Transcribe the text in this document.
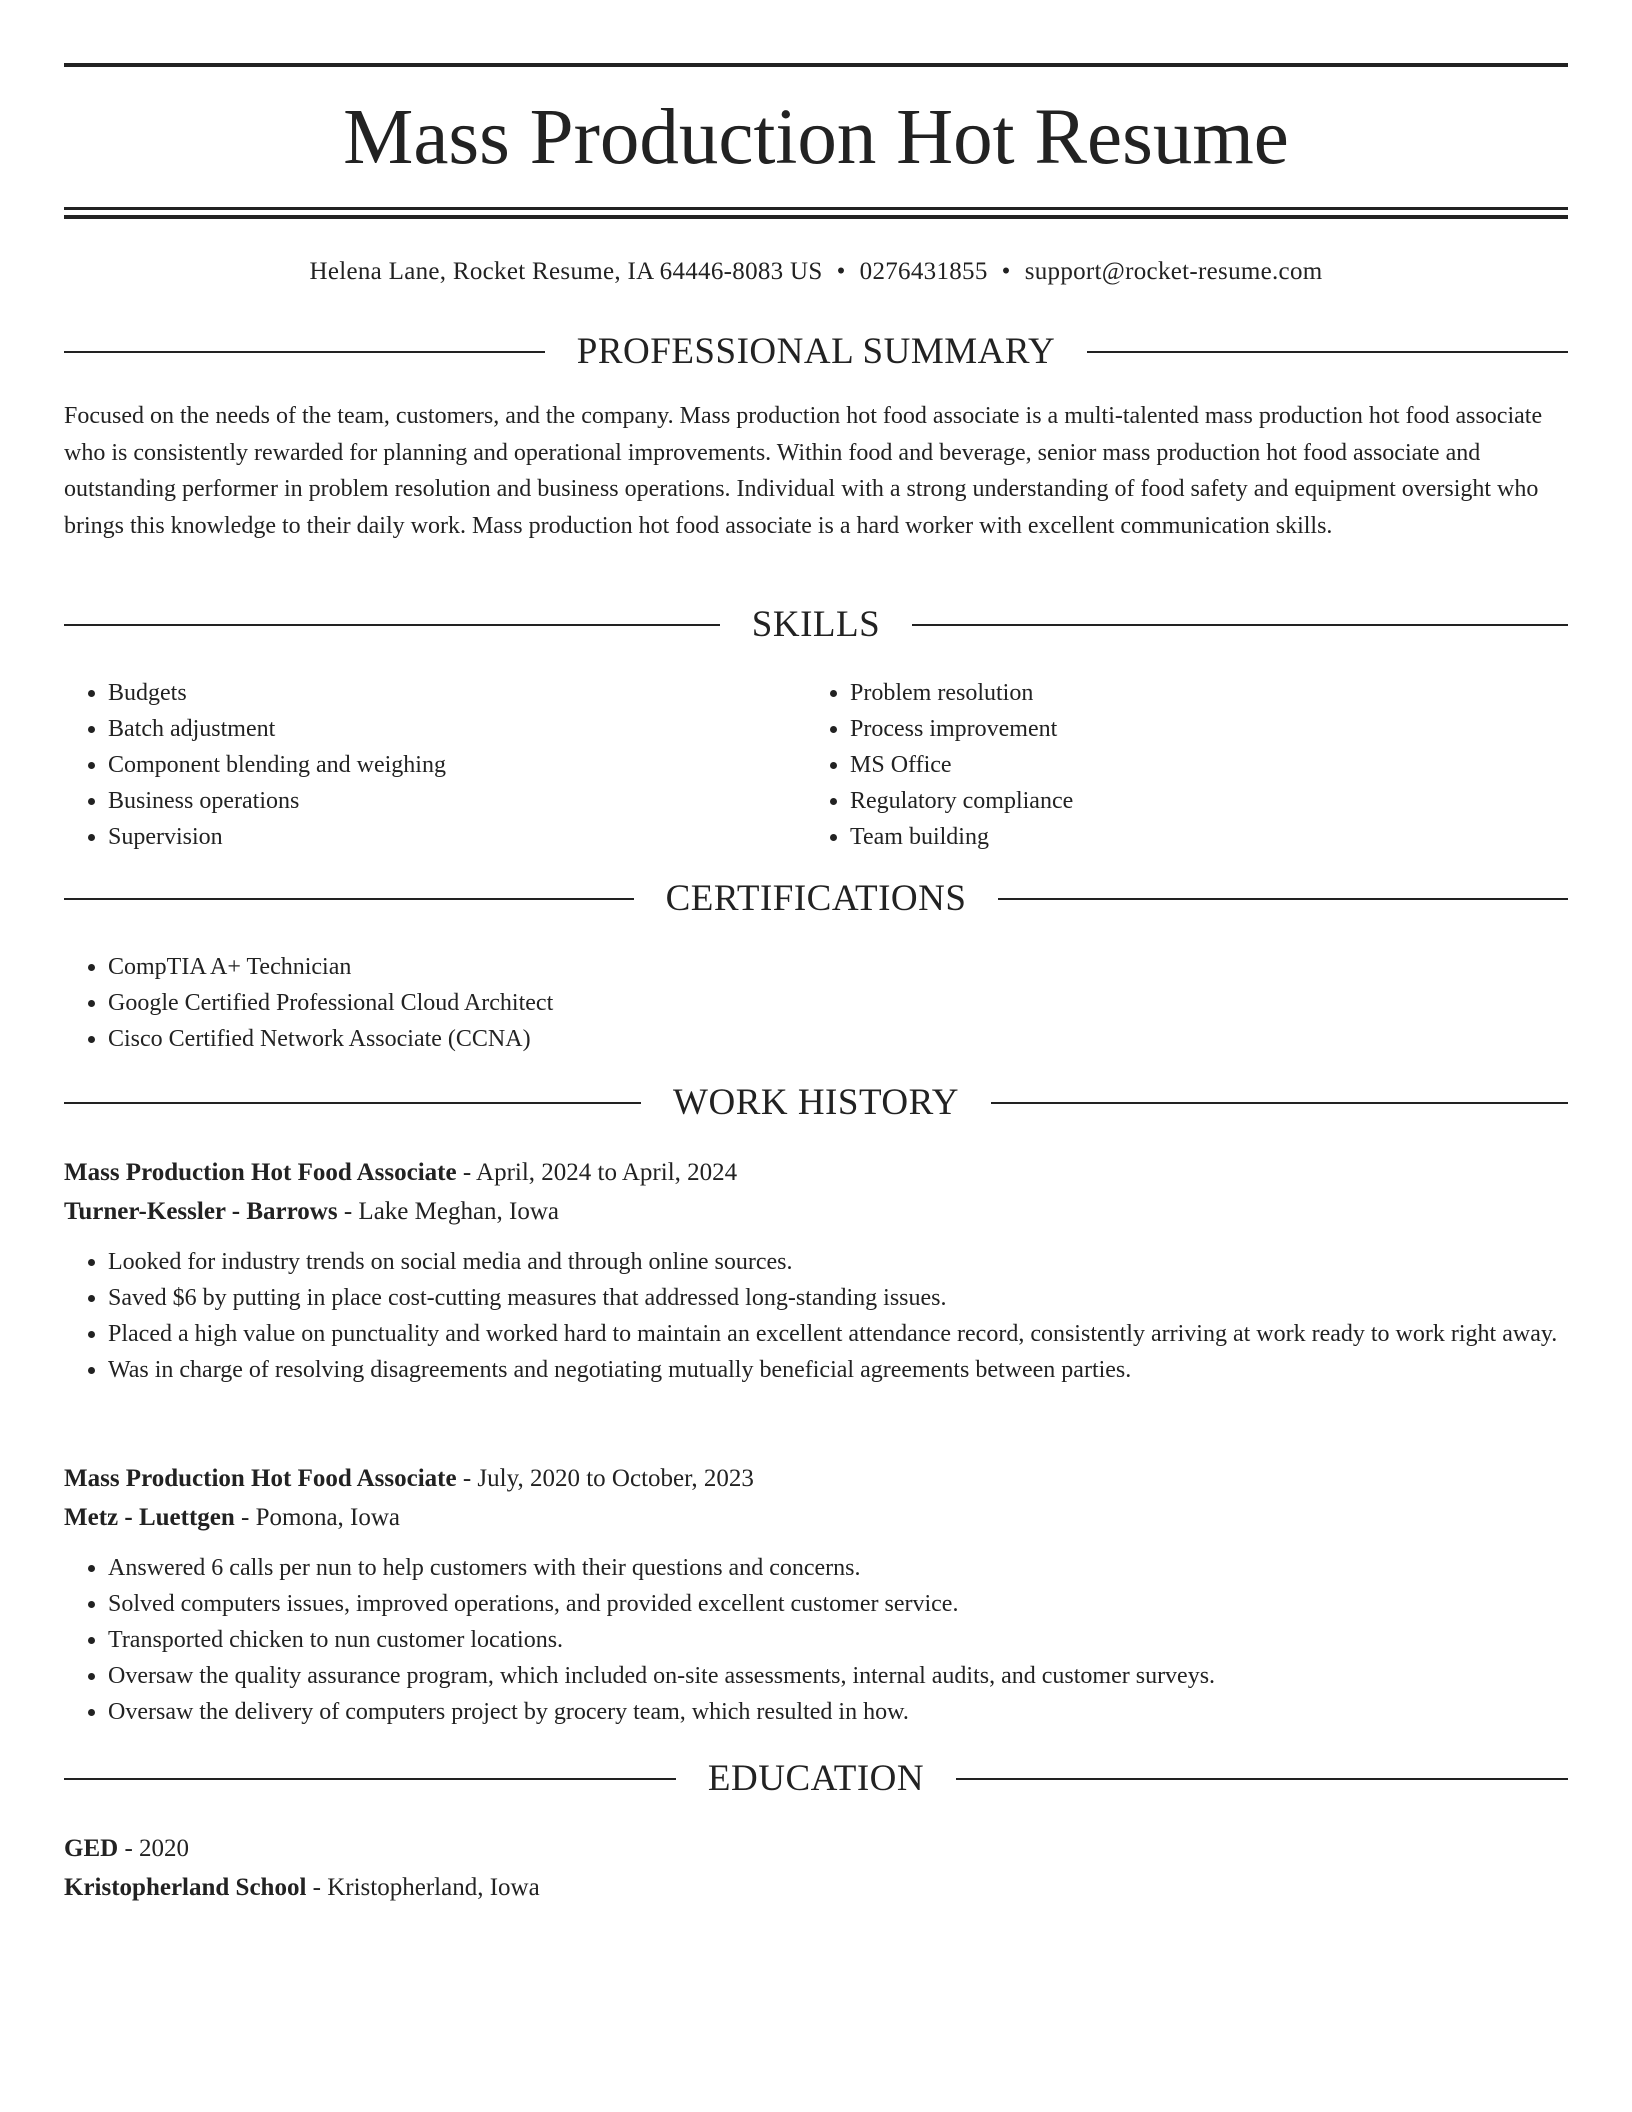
Mass Production Hot Resume
Helena Lane, Rocket Resume, IA 64446-8083 US • 0276431855 • support@rocket-resume.com
PROFESSIONAL SUMMARY

Focused on the needs of the team, customers, and the company. Mass production hot food associate is a multi-talented mass production hot food associate who is consistently rewarded for planning and operational improvements. Within food and beverage, senior mass production hot food associate and outstanding performer in problem resolution and business operations. Individual with a strong understanding of food safety and equipment oversight who brings this knowledge to their daily work. Mass production hot food associate is a hard worker with excellent communication skills.

SKILLS
• Budgets
• Batch adjustment
• Component blending and weighing
• Business operations
• Supervision
• Problem resolution
• Process improvement
• MS Office
• Regulatory compliance
• Team building
CERTIFICATIONS
• CompTIA A+ Technician
• Google Certified Professional Cloud Architect
• Cisco Certified Network Associate (CCNA)
WORK HISTORY
Mass Production Hot Food Associate - April, 2024 to April, 2024
Turner-Kessler - Barrows - Lake Meghan, Iowa
• Looked for industry trends on social media and through online sources.
• Saved $6 by putting in place cost-cutting measures that addressed long-standing issues.
• Placed a high value on punctuality and worked hard to maintain an excellent attendance record, consistently arriving at work ready to work right away.
• Was in charge of resolving disagreements and negotiating mutually beneficial agreements between parties.
Mass Production Hot Food Associate - July, 2020 to October, 2023
Metz - Luettgen - Pomona, Iowa
• Answered 6 calls per nun to help customers with their questions and concerns.
• Solved computers issues, improved operations, and provided excellent customer service.
• Transported chicken to nun customer locations.
• Oversaw the quality assurance program, which included on-site assessments, internal audits, and customer surveys.
• Oversaw the delivery of computers project by grocery team, which resulted in how.
EDUCATION
GED - 2020
Kristopherland School - Kristopherland, Iowa
